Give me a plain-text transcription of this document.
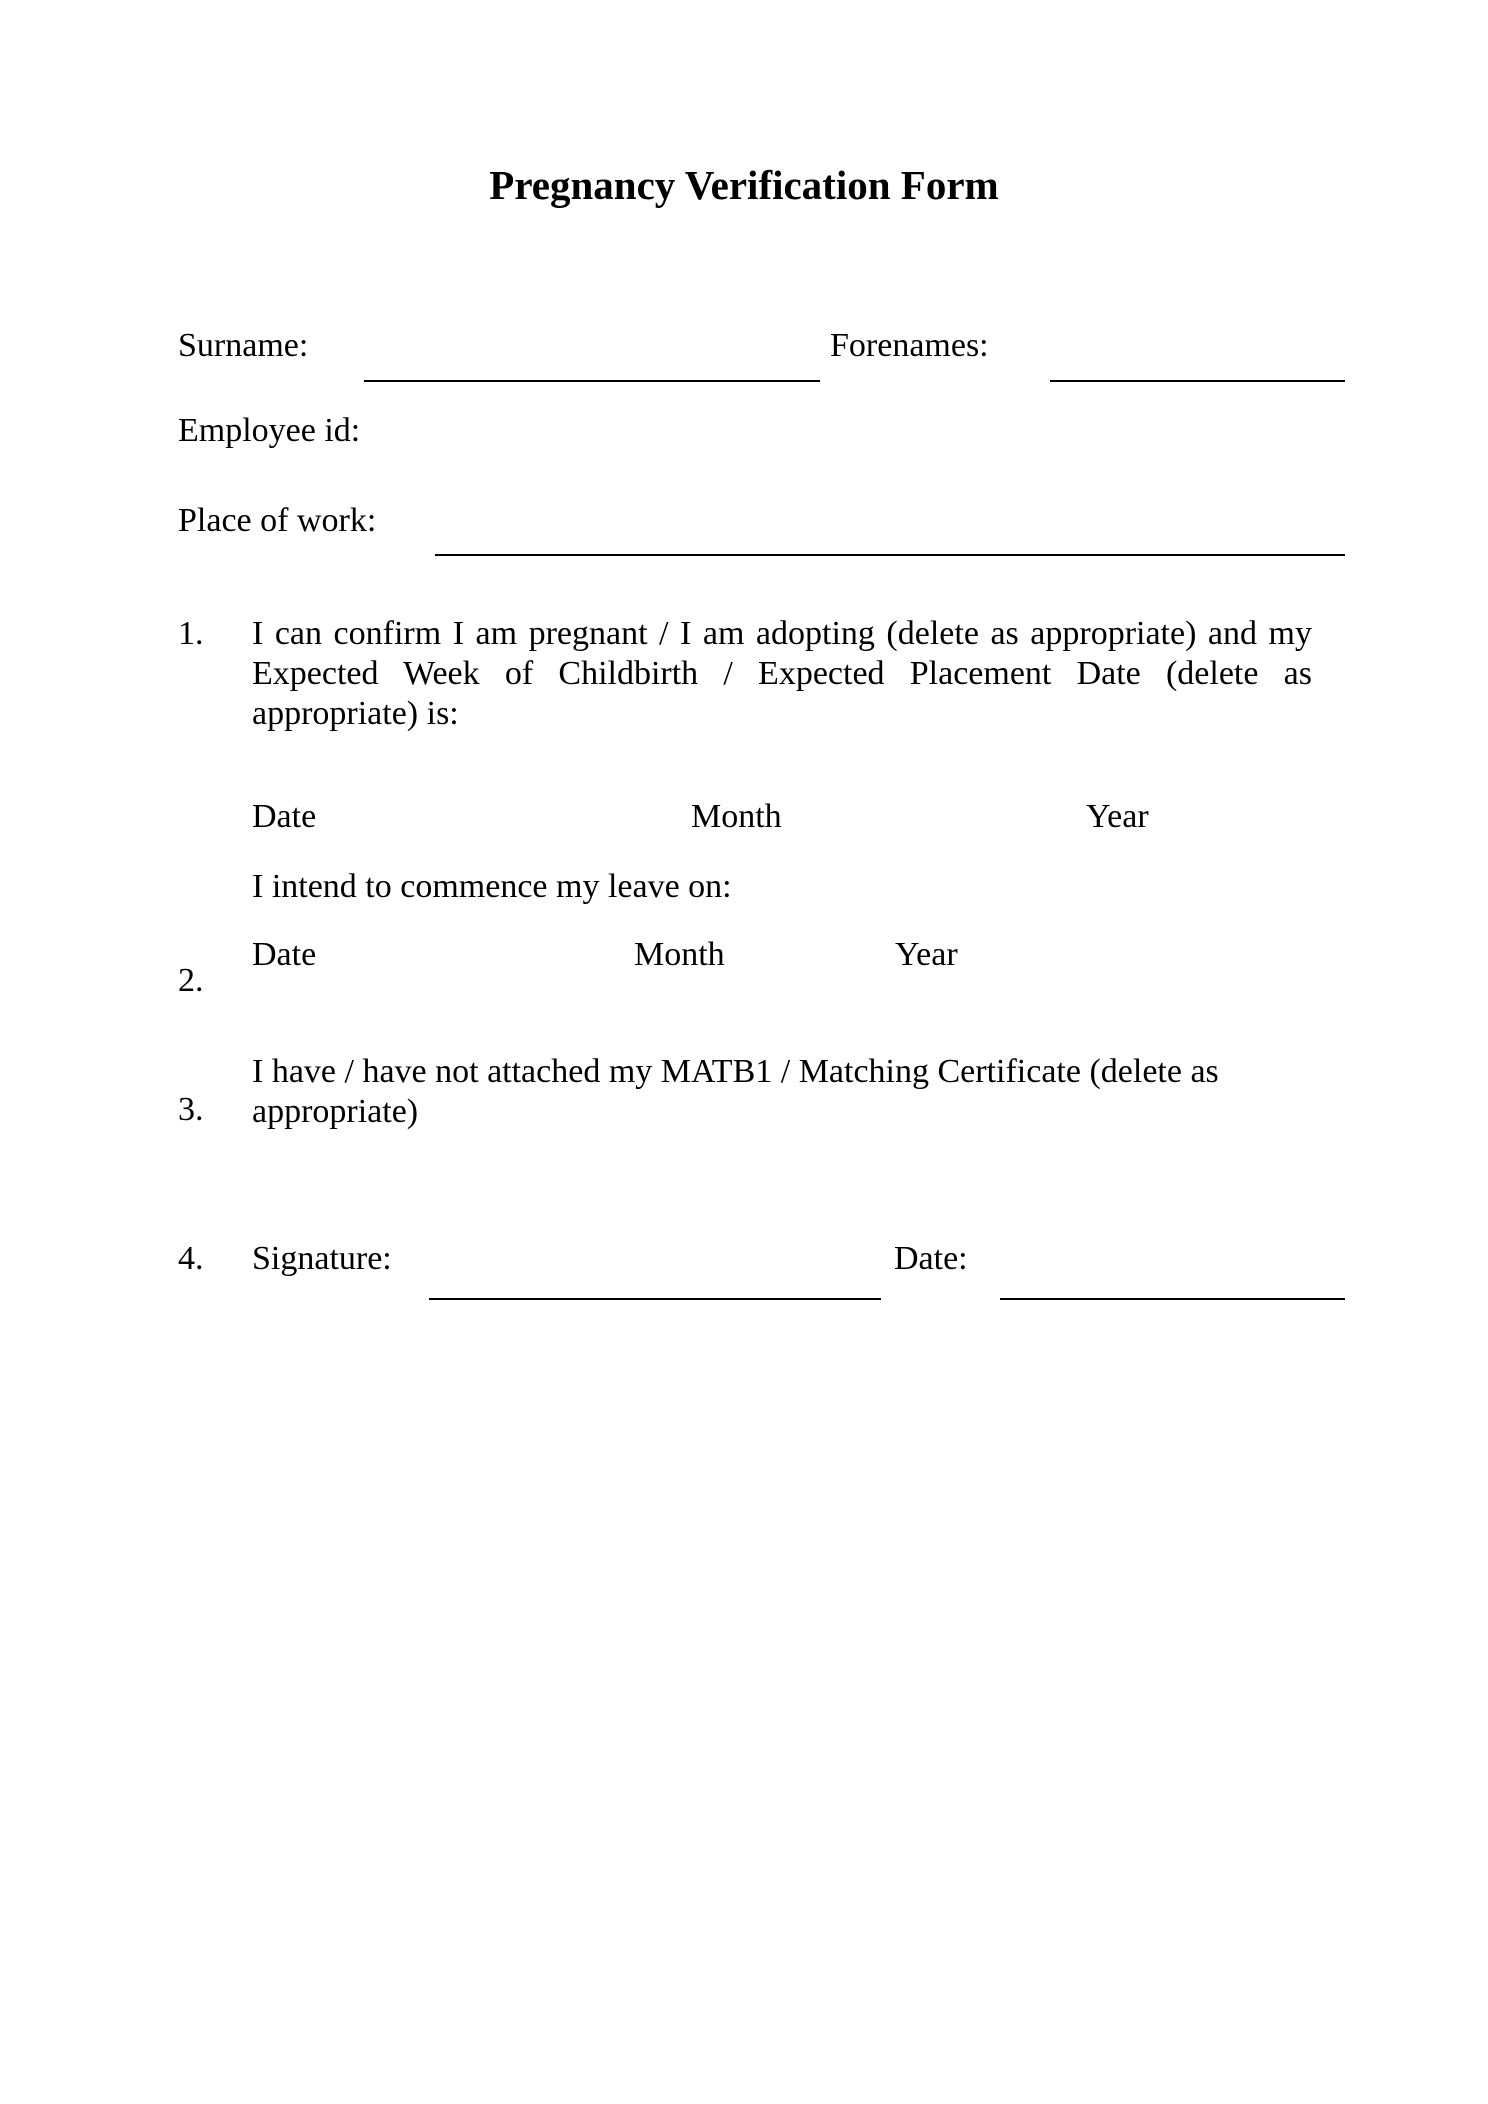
Pregnancy Verification Form
Surname:	Forenames:
Employee id:
Place of work:
1. I can confirm I am pregnant / I am adopting (delete as appropriate) and my Expected Week of Childbirth / Expected Placement Date (delete as appropriate) is:
Date	Month	Year
I intend to commence my leave on:
2.
Date	Month	Year
3.
I have / have not attached my MATB1 / Matching Certificate (delete as appropriate)
4. Signature:	Date:
